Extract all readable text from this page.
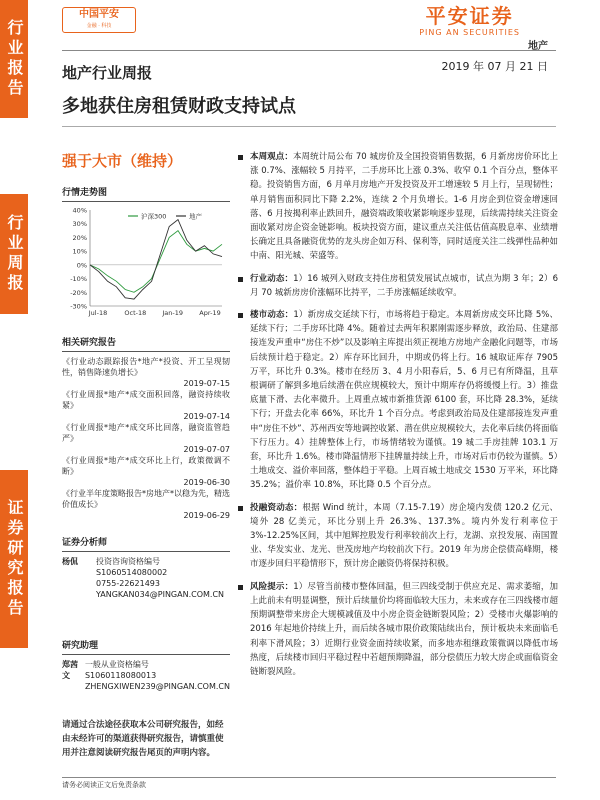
行业报告
行业周报
证券研究报告
中国平安
金融 · 科技	平安证券
PING AN SECURITIES
地产
地产行业周报	2019 年 07 月 21 日
多地获住房租赁财政支持试点
强于大市（维持）
行情走势图
40%
30%
20%
10%
0%
-10%
-20%
-30%
Jul-18	Oct-18 Jan-19	Apr-19
沪深300	地产
相关研究报告
《行业动态跟踪报告*地产*投资、开工呈现韧性，销售降速负增长》
2019-07-15
《行业周报*地产*成交面积回落，融资持续收紧》
2019-07-14
《行业周报*地产*成交环比回落，融资监管趋严》
2019-07-07
《行业周报*地产*成交环比上行，政策微调不断》
2019-06-30
《行业半年度策略报告*房地产*以稳为先，精选价值成长》
2019-06-29
证券分析师
杨侃	投资咨询资格编号
S1060514080002
0755-22621493
YANGKAN034@PINGAN.COM.CN
研究助理
郑茜文
一般从业资格编号
S1060118080013
ZHENGXIWEN239@PINGAN.COM.CN
请通过合法途径获取本公司研究报告，如经由未经许可的渠道获得研究报告，请慎重使用并注意阅读研究报告尾页的声明内容。
本周观点：本周统计局公布 70 城房价及全国投资销售数据，6 月新房房价环比上涨 0.7%、涨幅较 5 月持平，二手房环比上涨 0.3%、收窄 0.1 个百分点，整体平稳。投资销售方面，6 月单月房地产开发投资及开工增速较 5 月上行，呈现韧性；单月销售面积同比下降 2.2%，连续 2 个月负增长。1-6 月房企到位资金增速回落、6 月按揭利率止跌回升，融资端政策收紧影响逐步显现，后续需持续关注资金面收紧对房企资金链影响。板块投资方面，建议重点关注低估值高股息率、业绩增长确定且具备融资优势的龙头房企如万科、保利等，同时适度关注二线弹性品种如中南、阳光城、荣盛等。
行业动态：1）16 城列入财政支持住房租赁发展试点城市，试点为期 3 年；2）6 月 70 城新房房价涨幅环比持平，二手房涨幅延续收窄。
楼市动态：1）新房成交延续下行，市场将趋于稳定。本周新房成交环比降 5%、延续下行；二手房环比降 4%。随着过去两年积累刚需逐步释放，政治局、住建部接连发声重申“房住不炒”以及影响主库提出须正视地方房地产金融化问题等，市场后续预计趋于稳定。2）库存环比回升，中期或仍将上行。16 城取证库存 7905 万平，环比升 0.3%。楼市在经历 3、4 月小阳春后，5、6 月已有所降温，且草根调研了解到多地后续潜在供应规模较大，预计中期库存仍将缓慢上行。3）推盘底量下滑、去化率微升。上周重点城市新推货源 6100 套，环比降 28.3%，延续下行；开盘去化率 66%，环比升 1 个百分点。考虑到政治局及住建部接连发声重申“房住不炒”、苏州西安等地调控收紧、潜在供应规模较大，去化率后续仍将面临下行压力。4）挂牌整体上行，市场情绪较为谨慎。19 城二手房挂牌 103.1 万套，环比升 1.6%。楼市降温情形下挂牌量持续上升，市场对后市仍较为谨慎。5）土地成交、溢价率回落，整体趋于平稳。上周百城土地成交 1530 万平米，环比降 35.2%；溢价率 10.8%，环比降 0.5 个百分点。
投融资动态：根据 Wind 统计，本周（7.15-7.19）房企境内发债 120.2 亿元、境外 28 亿美元，环比分别上升 26.3%、137.3%。境内外发行利率位于 3%-12.25%区间，其中旭辉控股发行利率较前次上行，龙湖、京投发展、南国置业、华发实业、龙光、世茂房地产均较前次下行。2019 年为房企偿债高峰期，楼市逐步回归平稳情形下，预计房企融资仍将保持积极。
风险提示：1）尽管当前楼市整体回温，但三四线受制于供应充足、需求萎缩，加上此前未有明显调整，预计后续量价均将面临较大压力，未来或存在三四线楼市超预期调整带来房企大规模减值及中小房企资金链断裂风险；2）受楼市火爆影响的 2016 年起地价持续上升，而后续各城市限价政策陆续出台，预计板块未来面临毛利率下滑风险；3）近期行业资金面持续收紧，而多地赤租继政策微调以降低市场热度，后续楼市回归平稳过程中若超预期降温，部分偿债压力较大房企或面临资金链断裂风险。
请务必阅读正文后免责条款
